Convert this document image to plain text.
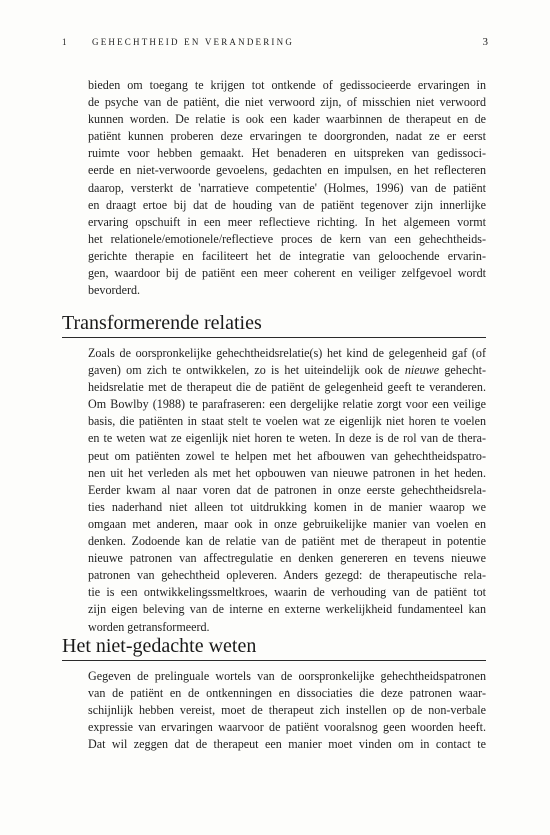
1	GEHECHTHEID EN VERANDERING	3
bieden om toegang te krijgen tot ontkende of gedissocieerde ervaringen in
de psyche van de patiënt, die niet verwoord zijn, of misschien niet verwoord
kunnen worden. De relatie is ook een kader waarbinnen de therapeut en de
patiënt kunnen proberen deze ervaringen te doorgronden, nadat ze er eerst
ruimte voor hebben gemaakt. Het benaderen en uitspreken van gedissoci-
eerde en niet-verwoorde gevoelens, gedachten en impulsen, en het reflecteren
daarop, versterkt de 'narratieve competentie' (Holmes, 1996) van de patiënt
en draagt ertoe bij dat de houding van de patiënt tegenover zijn innerlijke
ervaring opschuift in een meer reflectieve richting. In het algemeen vormt
het relationele/emotionele/reflectieve proces de kern van een gehechtheids-
gerichte therapie en faciliteert het de integratie van geloochende ervarin-
gen, waardoor bij de patiënt een meer coherent en veiliger zelfgevoel wordt
bevorderd.
Transformerende relaties
Zoals de oorspronkelijke gehechtheidsrelatie(s) het kind de gelegenheid gaf (of
gaven) om zich te ontwikkelen, zo is het uiteindelijk ook de nieuwe gehecht-
heidsrelatie met de therapeut die de patiënt de gelegenheid geeft te veranderen.
Om Bowlby (1988) te parafraseren: een dergelijke relatie zorgt voor een veilige
basis, die patiënten in staat stelt te voelen wat ze eigenlijk niet horen te voelen
en te weten wat ze eigenlijk niet horen te weten. In deze is de rol van de thera-
peut om patiënten zowel te helpen met het afbouwen van gehechtheidspatro-
nen uit het verleden als met het opbouwen van nieuwe patronen in het heden.
Eerder kwam al naar voren dat de patronen in onze eerste gehechtheidsrela-
ties naderhand niet alleen tot uitdrukking komen in de manier waarop we
omgaan met anderen, maar ook in onze gebruikelijke manier van voelen en
denken. Zodoende kan de relatie van de patiënt met de therapeut in potentie
nieuwe patronen van affectregulatie en denken genereren en tevens nieuwe
patronen van gehechtheid opleveren. Anders gezegd: de therapeutische rela-
tie is een ontwikkelingssmeltkroes, waarin de verhouding van de patiënt tot
zijn eigen beleving van de interne en externe werkelijkheid fundamenteel kan
worden getransformeerd.
Het niet-gedachte weten
Gegeven de prelinguale wortels van de oorspronkelijke gehechtheidspatronen
van de patiënt en de ontkenningen en dissociaties die deze patronen waar-
schijnlijk hebben vereist, moet de therapeut zich instellen op de non-verbale
expressie van ervaringen waarvoor de patiënt vooralsnog geen woorden heeft.
Dat wil zeggen dat de therapeut een manier moet vinden om in contact te
